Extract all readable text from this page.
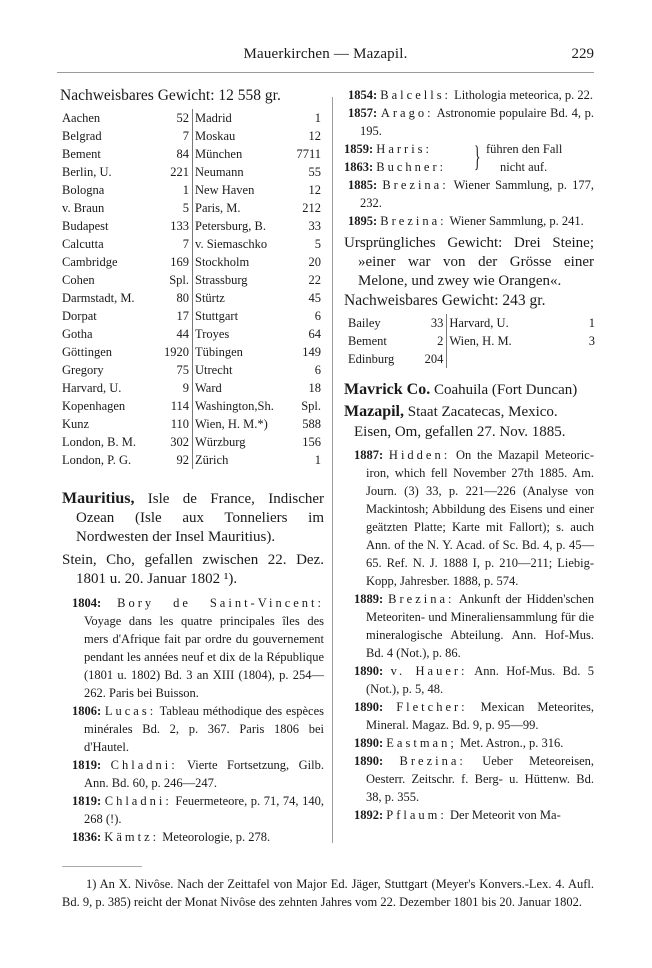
Mauerkirchen — Mazapil.	229

Nachweisbares Gewicht: 12 558 gr.

Aachen	52		Madrid	1
Belgrad	7		Moskau	12
Bement	84		München	7711
Berlin, U.	221		Neumann	55
Bologna	1		New Haven	12
v. Braun	5		Paris, M.	212
Budapest	133		Petersburg, B.	33
Calcutta	7		v. Siemaschko	5
Cambridge	169		Stockholm	20
Cohen	Spl.		Strassburg	22
Darmstadt, M.	80		Stürtz	45
Dorpat	17		Stuttgart	6
Gotha	44		Troyes	64
Göttingen	1920		Tübingen	149
Gregory	75		Utrecht	6
Harvard, U.	9		Ward	18
Kopenhagen	114		Washington,Sh.	Spl.
Kunz	110		Wien, H. M.*)	588
London, B. M.	302		Würzburg	156
London, P. G.	92		Zürich	1

Mauritius, Isle de France, Indischer Ozean (Isle aux Tonneliers im Nordwesten der Insel Mauritius).

Stein, Cho, gefallen zwischen 22. Dez. 1801 u. 20. Januar 1802 ¹).

1804: Bory de Saint-Vincent: Voyage dans les quatre principales îles des mers d'Afrique fait par ordre du gouvernement pendant les années neuf et dix de la République (1801 u. 1802) Bd. 3 an XIII (1804), p. 254—262. Paris bei Buisson.

1806: Lucas: Tableau méthodique des espèces minérales Bd. 2, p. 367. Paris 1806 bei d'Hautel.

1819: Chladni: Vierte Fortsetzung, Gilb. Ann. Bd. 60, p. 246—247.

1819: Chladni: Feuermeteore, p. 71, 74, 140, 268 (!).

1836: Kämtz: Meteorologie, p. 278.

1854: Balcells: Lithologia meteorica, p. 22.

1857: Arago: Astronomie populaire Bd. 4, p. 195.

1859: Harris:
1863: Buchner: } führen den Fall
nicht auf.

1885: Brezina: Wiener Sammlung, p. 177, 232.

1895: Brezina: Wiener Sammlung, p. 241.

Ursprüngliches Gewicht: Drei Steine; »einer war von der Grösse einer Melone, und zwey wie Orangen«.

Nachweisbares Gewicht: 243 gr.

Bailey	33		Harvard, U.	1
Bement	2		Wien, H. M.	3
Edinburg	204			

Mavrick Co. Coahuila (Fort Duncan)

Mazapil, Staat Zacatecas, Mexico.

Eisen, Om, gefallen 27. Nov. 1885.

1887: Hidden: On the Mazapil Meteoric-iron, which fell November 27th 1885. Am. Journ. (3) 33, p. 221—226 (Analyse von Mackintosh; Abbildung des Eisens und einer geätzten Platte; Karte mit Fallort); s. auch Ann. of the N. Y. Acad. of Sc. Bd. 4, p. 45—65. Ref. N. J. 1888 I, p. 210—211; Liebig-Kopp, Jahresber. 1888, p. 574.

1889: Brezina: Ankunft der Hidden'schen Meteoriten- und Mineraliensammlung für die mineralogische Abteilung. Ann. Hof-Mus. Bd. 4 (Not.), p. 86.

1890: v. Hauer: Ann. Hof-Mus. Bd. 5 (Not.), p. 5, 48.

1890: Fletcher: Mexican Meteorites, Mineral. Magaz. Bd. 9, p. 95—99.

1890: Eastman; Met. Astron., p. 316.

1890: Brezina: Ueber Meteoreisen, Oesterr. Zeitschr. f. Berg- u. Hüttenw. Bd. 38, p. 355.

1892: Pflaum: Der Meteorit von Ma-

1) An X. Nivôse. Nach der Zeittafel von Major Ed. Jäger, Stuttgart (Meyer's Konvers.-Lex. 4. Aufl. Bd. 9, p. 385) reicht der Monat Nivôse des zehnten Jahres vom 22. Dezember 1801 bis 20. Januar 1802.
